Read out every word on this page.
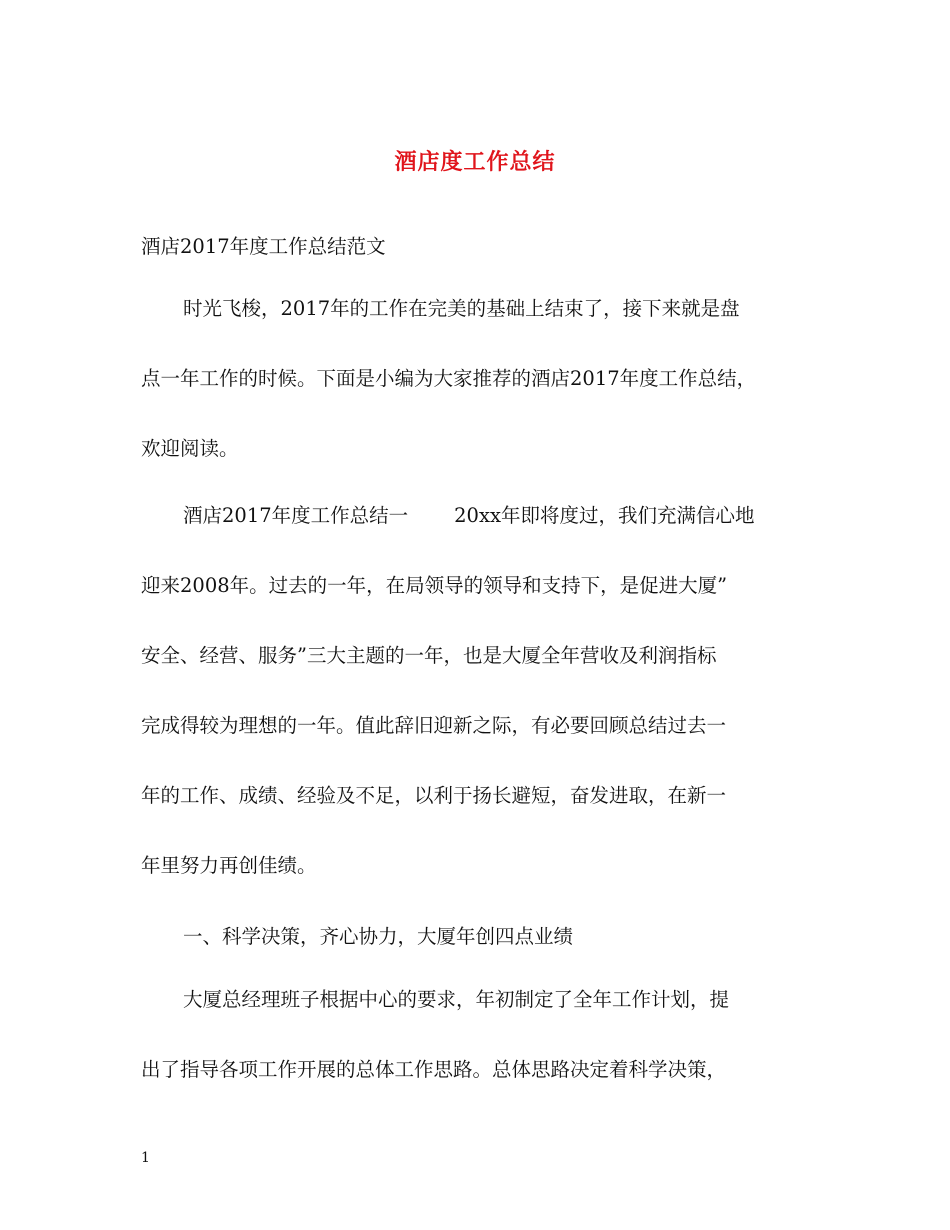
酒店度工作总结
酒店2017年度工作总结范文
时光飞梭，2017年的工作在完美的基础上结束了，接下来就是盘
点一年工作的时候。下面是小编为大家推荐的酒店2017年度工作总结，
欢迎阅读。
酒店2017年度工作总结一 20xx年即将度过，我们充满信心地
迎来2008年。过去的一年，在局领导的领导和支持下，是促进大厦”
安全、经营、服务”三大主题的一年，也是大厦全年营收及利润指标
完成得较为理想的一年。值此辞旧迎新之际，有必要回顾总结过去一
年的工作、成绩、经验及不足，以利于扬长避短，奋发进取，在新一
年里努力再创佳绩。
一、科学决策，齐心协力，大厦年创四点业绩
大厦总经理班子根据中心的要求，年初制定了全年工作计划，提
出了指导各项工作开展的总体工作思路。总体思路决定着科学决策，
1
